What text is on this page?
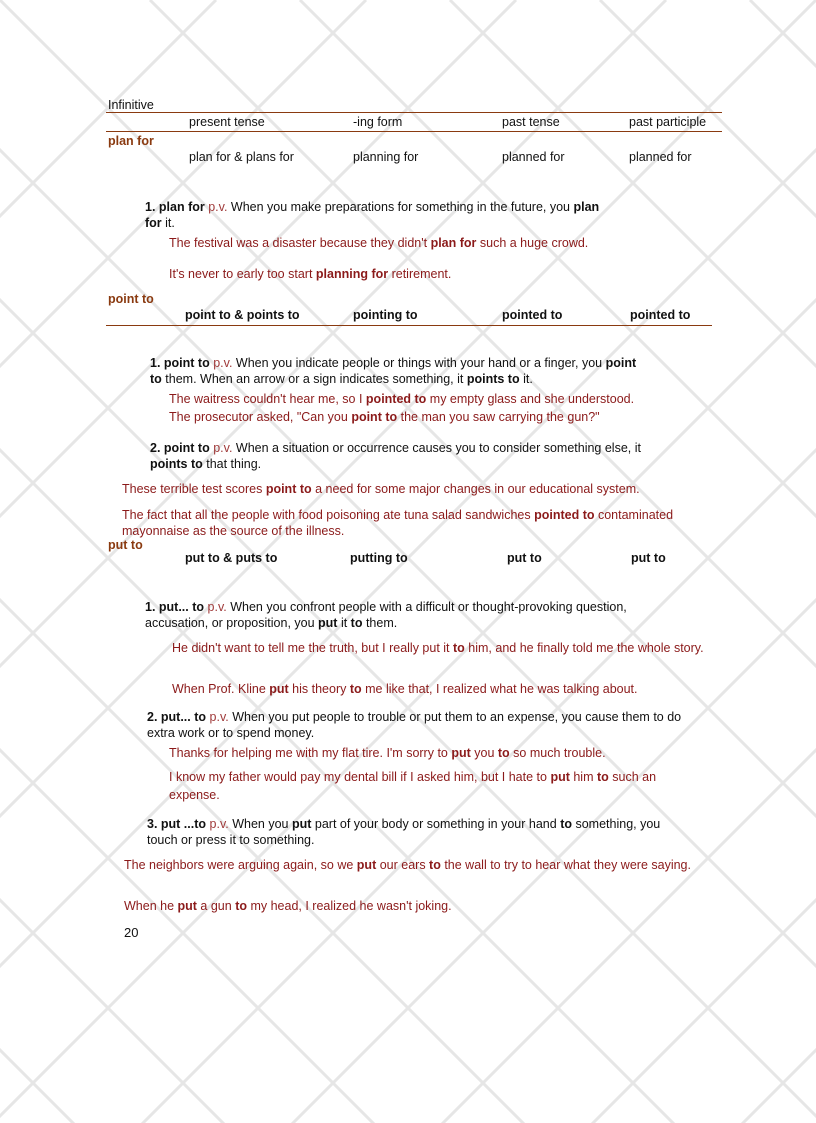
Infinitive
present tense	-ing form	past tense	past participle
plan for
plan for & plans for	planning for	planned for	planned for
1. plan for p.v. When you make preparations for something in the future, you plan
for it.
The festival was a disaster because they didn't plan for such a huge crowd.
It's never to early too start planning for retirement.
point to
point to & points to	pointing to	pointed to	pointed to
1. point to p.v. When you indicate people or things with your hand or a finger, you point
to them. When an arrow or a sign indicates something, it points to it.
The waitress couldn't hear me, so I pointed to my empty glass and she understood.
The prosecutor asked, "Can you point to the man you saw carrying the gun?"
2. point to p.v. When a situation or occurrence causes you to consider something else, it
points to that thing.
These terrible test scores point to a need for some major changes in our educational system.
The fact that all the people with food poisoning ate tuna salad sandwiches pointed to contaminated mayonnaise as the source of the illness.
put to
put to & puts to	putting to	put to	put to
1. put... to p.v. When you confront people with a difficult or thought-provoking question, accusation, or proposition, you put it to them.
He didn't want to tell me the truth, but I really put it to him, and he finally told me the whole story.
When Prof. Kline put his theory to me like that, I realized what he was talking about.
2. put... to p.v. When you put people to trouble or put them to an expense, you cause them to do extra work or to spend money.
Thanks for helping me with my flat tire. I'm sorry to put you to so much trouble.
I know my father would pay my dental bill if I asked him, but I hate to put him to such an expense.
3. put ...to p.v. When you put part of your body or something in your hand to something, you touch or press it to something.
The neighbors were arguing again, so we put our ears to the wall to try to hear what they were saying.
When he put a gun to my head, I realized he wasn't joking.
20
